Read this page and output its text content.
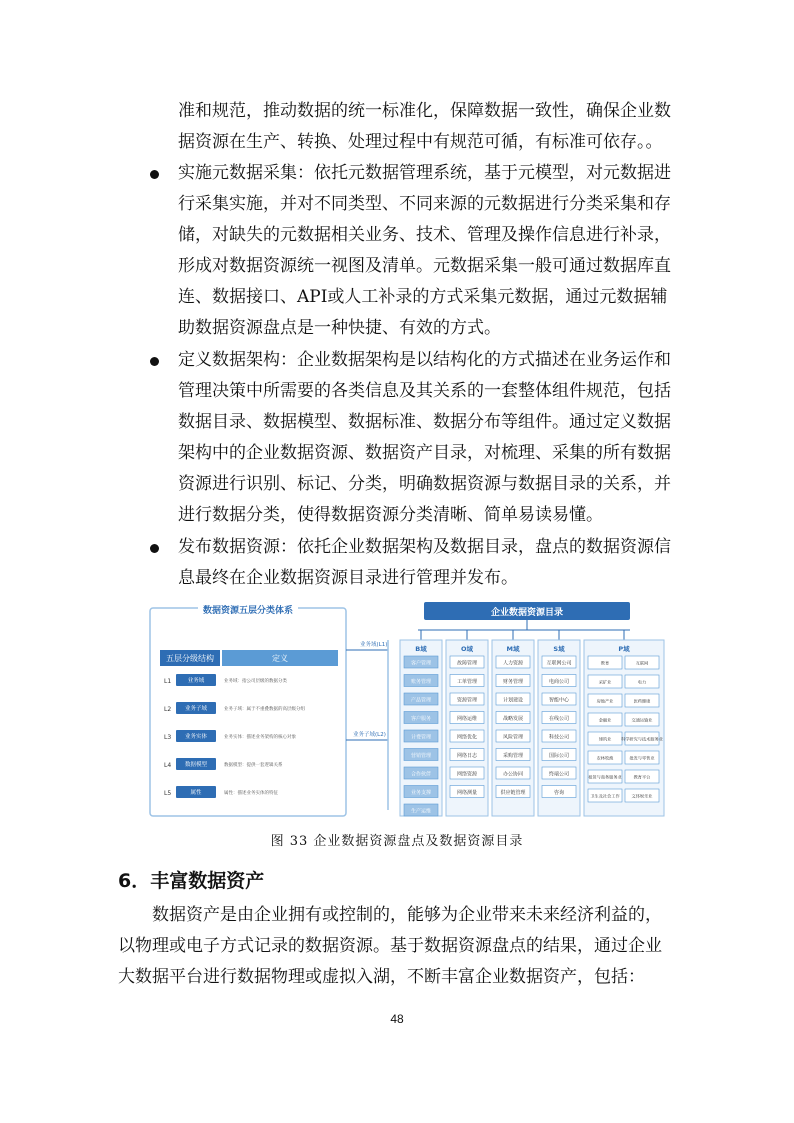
准和规范，推动数据的统一标准化，保障数据一致性，确保企业数据资源在生产、转换、处理过程中有规范可循，有标准可依存。。
实施元数据采集：依托元数据管理系统，基于元模型，对元数据进行采集实施，并对不同类型、不同来源的元数据进行分类采集和存储，对缺失的元数据相关业务、技术、管理及操作信息进行补录，形成对数据资源统一视图及清单。元数据采集一般可通过数据库直连、数据接口、API或人工补录的方式采集元数据，通过元数据辅助数据资源盘点是一种快捷、有效的方式。
定义数据架构：企业数据架构是以结构化的方式描述在业务运作和管理决策中所需要的各类信息及其关系的一套整体组件规范，包括数据目录、数据模型、数据标准、数据分布等组件。通过定义数据架构中的企业数据资源、数据资产目录，对梳理、采集的所有数据资源进行识别、标记、分类，明确数据资源与数据目录的关系，并进行数据分类，使得数据资源分类清晰、简单易读易懂。
发布数据资源：依托企业数据架构及数据目录，盘点的数据资源信息最终在企业数据资源目录进行管理并发布。
数据资源五层分类体系
五层分级结构	定义
L1	业务域	业务域：指公司层级的数据分类
L2	业务子域	业务子域：属于不重叠数据的高层级分组
L3	业务实体	业务实体：描述业务架构的核心对象
L4	数据模型	数据模型：提供一套逻辑关系
L5	属性	属性：描述业务实体的特征
业务域(L1)
业务子域(L2)
企业数据资源目录
B域
客户管理
账务管理
产品管理
客户服务
计费管理
营销管理
合作伙伴
业务支撑
生产运维
O域
故障管理
工单管理
资源管理
网络运维
网络优化
网络日志
网络资源
网络测量
M域
人力资源
财务管理
计划建设
战略发展
风险管理
采购管理
办公协同
供应链管理
S域
互联网公司
电商公司
智能中心
在线公司
科技公司
国际公司
终端公司
咨询
P域
教育	互联网
采矿业	电力
房地产业	医药健康
金融业	交通运输业
建筑业 科学研究与技术服务业
农林牧渔	批发与零售业
租赁与商务服务业	教育平台
卫生及社会工作	文体娱乐业
图 33 企业数据资源盘点及数据资源目录
6．丰富数据资产
数据资产是由企业拥有或控制的，能够为企业带来未来经济利益的，以物理或电子方式记录的数据资源。基于数据资源盘点的结果，通过企业大数据平台进行数据物理或虚拟入湖，不断丰富企业数据资产，包括：
48
